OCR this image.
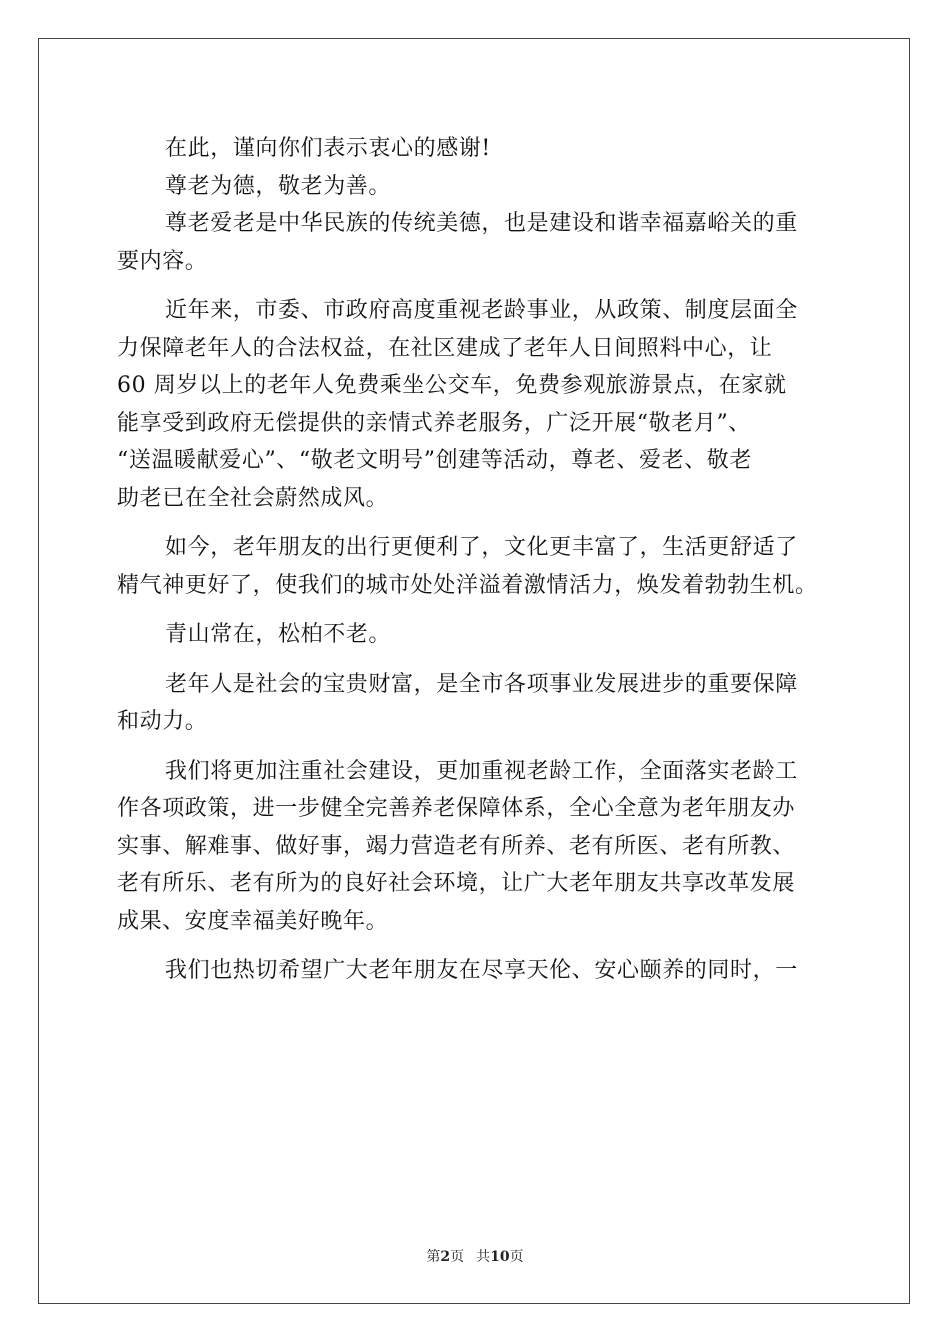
在此，谨向你们表示衷心的感谢!
尊老为德，敬老为善。
尊老爱老是中华民族的传统美德，也是建设和谐幸福嘉峪关的重
要内容。
近年来，市委、市政府高度重视老龄事业，从政策、制度层面全
力保障老年人的合法权益，在社区建成了老年人日间照料中心，让
60 周岁以上的老年人免费乘坐公交车，免费参观旅游景点，在家就
能享受到政府无偿提供的亲情式养老服务，广泛开展“敬老月”、
“送温暖献爱心”、“敬老文明号”创建等活动，尊老、爱老、敬老
助老已在全社会蔚然成风。
如今，老年朋友的出行更便利了，文化更丰富了，生活更舒适了
精气神更好了，使我们的城市处处洋溢着激情活力，焕发着勃勃生机。
青山常在，松柏不老。
老年人是社会的宝贵财富，是全市各项事业发展进步的重要保障
和动力。
我们将更加注重社会建设，更加重视老龄工作，全面落实老龄工
作各项政策，进一步健全完善养老保障体系，全心全意为老年朋友办
实事、解难事、做好事，竭力营造老有所养、老有所医、老有所教、
老有所乐、老有所为的良好社会环境，让广大老年朋友共享改革发展
成果、安度幸福美好晚年。
我们也热切希望广大老年朋友在尽享天伦、安心颐养的同时，一
第2页 共10页
